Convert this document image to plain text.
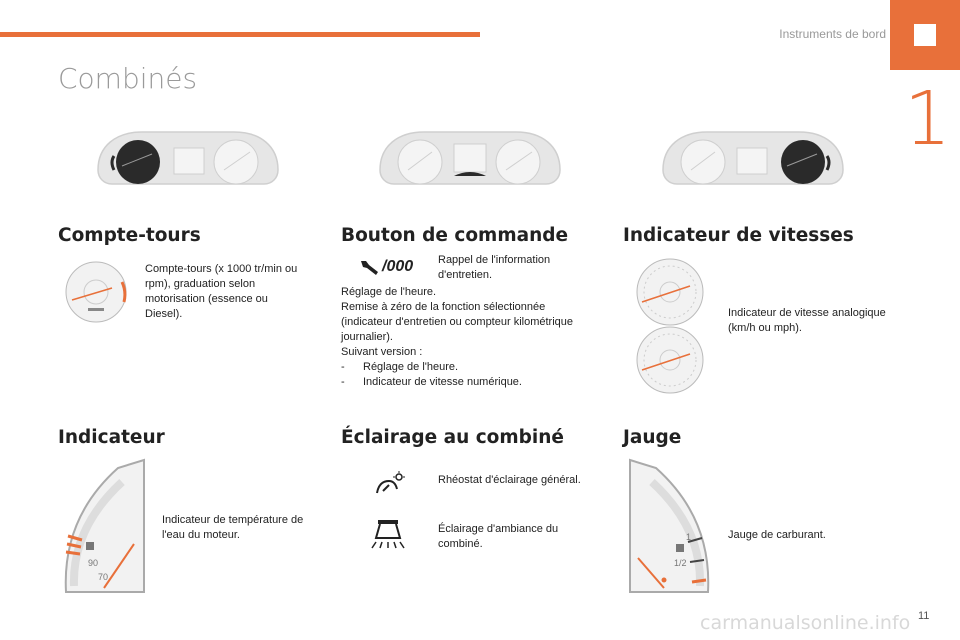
Instruments de bord
1
Combinés
Compte-tours
Compte-tours (x 1000 tr/min ou rpm), graduation selon motorisation (essence ou Diesel).
Bouton de commande
/000 Rappel de l'information d'entretien.

Réglage de l'heure.

Remise à zéro de la fonction sélectionnée (indicateur d'entretien ou compteur kilométrique journalier).

Suivant version :

- Réglage de l'heure.

- Indicateur de vitesse numérique.

Indicateur de vitesses
Indicateur de vitesse analogique (km/h ou mph).
Indicateur
90
70
Indicateur de température de l'eau du moteur.
Éclairage au combiné
Rhéostat d'éclairage général.
Éclairage d'ambiance du combiné.
Jauge
1
1/2
Jauge de carburant.
carmanualsonline.info 11
